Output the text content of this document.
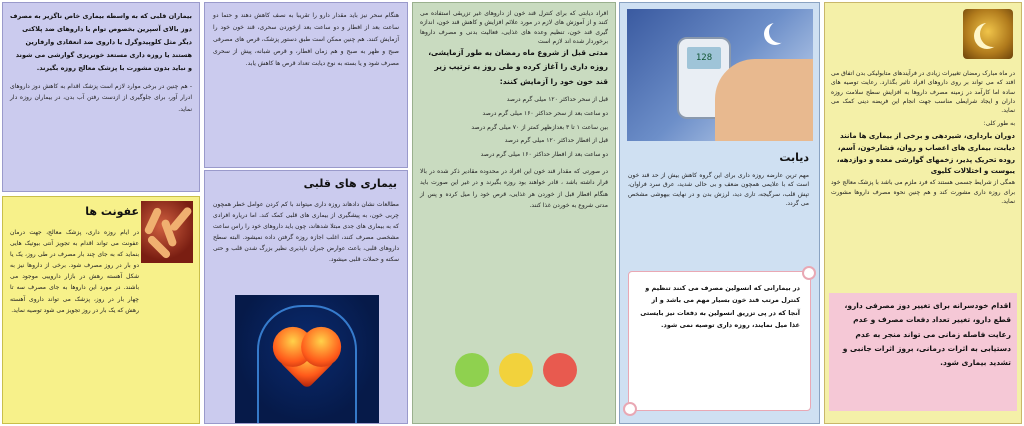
در ماه مبارک رمضان تغییرات زیادی در فرآیندهای متابولیکی بدن اتفاق می افتد که می تواند بر روی داروهای افراد تاثیر بگذارد. رعایت توصیه های ساده اما کارآمد در زمینه مصرف داروها به افزایش سطح سلامت روزه داران و ایجاد شرایطی مناسب جهت انجام این فریضه دینی کمک می نماید.

به طور کلی:

دوران بارداری، شیردهی و برخی از بیماری ها مانند دیابت، بیماری های اعصاب و روان، فشارخون، آسم، روده تحریک پذیر، زخمهای گوارشی معده و دوازدهه، یبوست و اختلالات کلیوی

همگی از شرایط جسمی هستند که فرد ملزم می باشد با پزشک معالج خود برای روزه داری مشورت کند و هم چنین نحوه مصرف داروها مشورت نماید.

اقدام خودسرانه برای تغییر دوز مصرفی دارو، قطع دارو، تغییر تعداد دفعات مصرف و عدم رعایت فاصله زمانی می تواند منجر به عدم دستیابی به اثرات درمانی، بروز اثرات جانبی و تشدید بیماری شود.

128
دیابت

مهم ترین عارضه روزه داری برای این گروه کاهش بیش از حد قند خون است که با علایمی همچون ضعف و بی حالی شدید، عرق سرد فراوان، تپش قلب، سرگیجه، تاری دید، لرزش بدن و در نهایت بیهوشی مشخص می گردد.

در بیمارانی که انسولین مصرف می کنند تنظیم و کنترل مرتب قند خون بسیار مهم می باشد و از آنجا که در پی تزریق انسولین به دفعات نیز بایستی غذا میل نمایند، روزه داری توصیه نمی شود.

افراد دیابتی که برای کنترل قند خون از داروهای غیر تزریقی استفاده می کنند و از آموزش های لازم در مورد علائم افزایش و کاهش قند خون، اندازه گیری قند خون، تنظیم وعده های غذایی، فعالیت بدنی و مصرف داروها برخوردار شده اند لازم است

مدتی قبل از شروع ماه رمضان به طور آزمایشی، روزه داری را آغاز کرده و طی روز به ترتیب زیر قند خون خود را آزمایش کنند:

قبل از سحر حداکثر ۱۲۰ میلی گرم درصد

دو ساعت بعد از سحر حداکثر ۱۶۰ میلی گرم درصد

بین ساعت ۱ تا ۳ بعدازظهر کمتر از ۷۰ میلی گرم درصد

قبل از افطار حداکثر ۱۲۰ میلی گرم درصد

دو ساعت بعد از افطار حداکثر ۱۶۰ میلی گرم درصد

در صورتی که مقدار قند خون این افراد در محدوده مقادیر ذکر شده در بالا قرار داشته باشد ، قادر خواهند بود روزه بگیرند و در غیر این صورت باید هنگام افطار قبل از خوردن هر غذایی، قرص خود را میل کرده و پس از مدتی شروع به خوردن غذا کنند.

هنگام سحر نیز باید مقدار دارو را تقریبا به نصف کاهش دهند و حتما دو ساعت بعد از افطار و دو ساعت بعد ازخوردن سحری، قند خون خود را آزمایش کنند. هم چنین ممکن است طبق دستور پزشک، قرص های مصرفی صبح و ظهر به صبح و هم زمان افطار، و قرص شبانه، پیش از سحری مصرف شود و یا بسته به نوع دیابت تعداد قرص ها کاهش یابد.

بیماری های قلبی

مطالعات نشان دادهاند روزه داری میتواند با کم کردن عوامل خطر همچون چربی خون، به پیشگیری از بیماری های قلبی کمک کند. اما دریاره افرادی که به بیماری های جدی مبتلا شدهاند، چون باید داروهای خود را راس ساعت مشخصی مصرف کنند، اغلب اجازه روزه گرفتن داده نمیشود. البته سطح داروهای قلبی، باعث عوارض جبران ناپذیری نظیر بزرگ شدن قلب و حتی سکته و حملات قلبی میشود.

بیماران قلبی که به واسطه بیماری خاص ناگزیر به مصرف دوز بالای آسپرین بخصوص توام با داروهای ضد پلاکتی دیگر مثل کلوپیدوگرل یا داروی ضد انعقادی وارفارین هستند یا روزه داری مستعد خونریزی گوارشی می شوند و نباید بدون مشورت با پزشک معالج روزه بگیرند.

- هم چنین در برخی موارد لازم است پزشک اقدام به کاهش دوز داروهای ادرار آور، برای جلوگیری از ازدست رفتن آب بدن، در بیماران روزه دار نماید.

عفونت ها

در ایام روزه داری، پزشک معالج، جهت درمان عفونت می تواند اقدام به تجویز آنتی بیوتیک هایی بنماید که به جای چند بار مصرف در طی روز، یک یا دو بار در روز مصرف شود. برخی از داروها نیز به شکل آهسته رهش در بازار داروییی موجود می باشند. در مورد این داروها به جای مصرف سه تا چهار بار در روز، پزشک می تواند داروی آهسته رهش که یک بار در روز تجویز می شود توصیه نماید.
